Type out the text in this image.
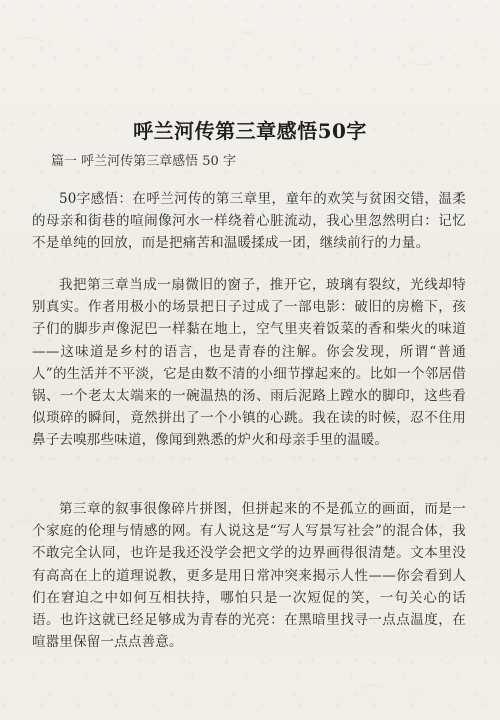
呼兰河传第三章感悟50字
篇一 呼兰河传第三章感悟 50 字

50字感悟：在呼兰河传的第三章里，童年的欢笑与贫困交错，温柔的母亲和街巷的喧闹像河水一样绕着心脏流动，我心里忽然明白：记忆不是单纯的回放，而是把痛苦和温暖揉成一团，继续前行的力量。

我把第三章当成一扇微旧的窗子，推开它，玻璃有裂纹，光线却特别真实。作者用极小的场景把日子过成了一部电影：破旧的房檐下，孩子们的脚步声像泥巴一样黏在地上，空气里夹着饭菜的香和柴火的味道——这味道是乡村的语言，也是青春的注解。你会发现，所谓“普通人”的生活并不平淡，它是由数不清的小细节撑起来的。比如一个邻居借锅、一个老太太端来的一碗温热的汤、雨后泥路上蹚水的脚印，这些看似琐碎的瞬间，竟然拼出了一个小镇的心跳。我在读的时候，忍不住用鼻子去嗅那些味道，像闻到熟悉的炉火和母亲手里的温暖。

第三章的叙事很像碎片拼图，但拼起来的不是孤立的画面，而是一个家庭的伦理与情感的网。有人说这是“写人写景写社会”的混合体，我不敢完全认同，也许是我还没学会把文学的边界画得很清楚。文本里没有高高在上的道理说教，更多是用日常冲突来揭示人性——你会看到人们在窘迫之中如何互相扶持，哪怕只是一次短促的笑，一句关心的话语。也许这就已经足够成为青春的光亮：在黑暗里找寻一点点温度，在喧嚣里保留一点点善意。
